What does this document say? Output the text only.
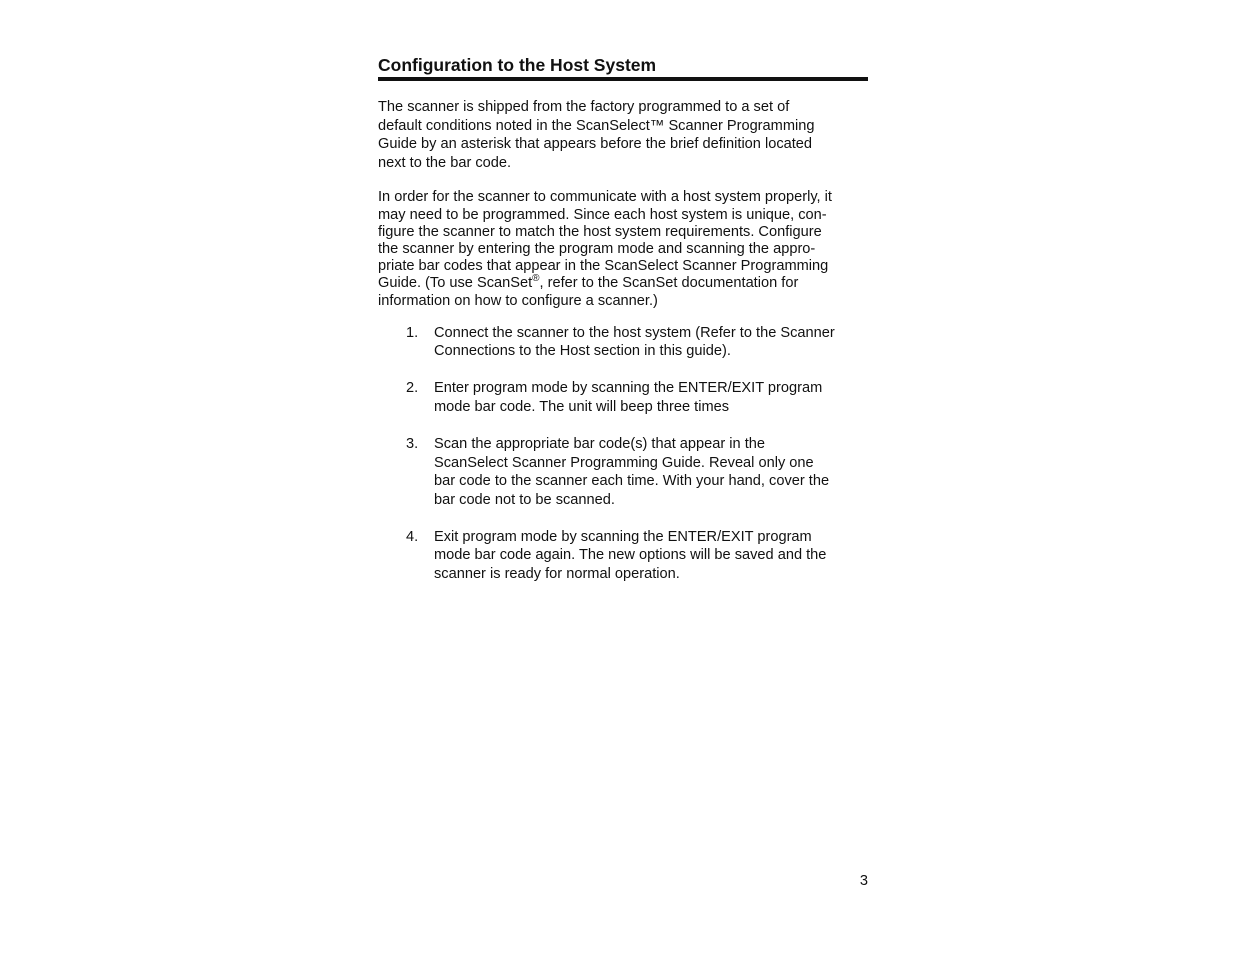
Configuration to the Host System

The scanner is shipped from the factory programmed to a set of
default conditions noted in the ScanSelect™ Scanner Programming
Guide by an asterisk that appears before the brief definition located
next to the bar code.

In order for the scanner to communicate with a host system properly, it
may need to be programmed. Since each host system is unique, con-
figure the scanner to match the host system requirements. Configure
the scanner by entering the program mode and scanning the appro-
priate bar codes that appear in the ScanSelect Scanner Programming
Guide. (To use ScanSet®, refer to the ScanSet documentation for
information on how to configure a scanner.)

1. Connect the scanner to the host system (Refer to the Scanner
Connections to the Host section in this guide).
2. Enter program mode by scanning the ENTER/EXIT program
mode bar code. The unit will beep three times
3. Scan the appropriate bar code(s) that appear in the
ScanSelect Scanner Programming Guide. Reveal only one
bar code to the scanner each time. With your hand, cover the
bar code not to be scanned.
4. Exit program mode by scanning the ENTER/EXIT program
mode bar code again. The new options will be saved and the
scanner is ready for normal operation.
3
